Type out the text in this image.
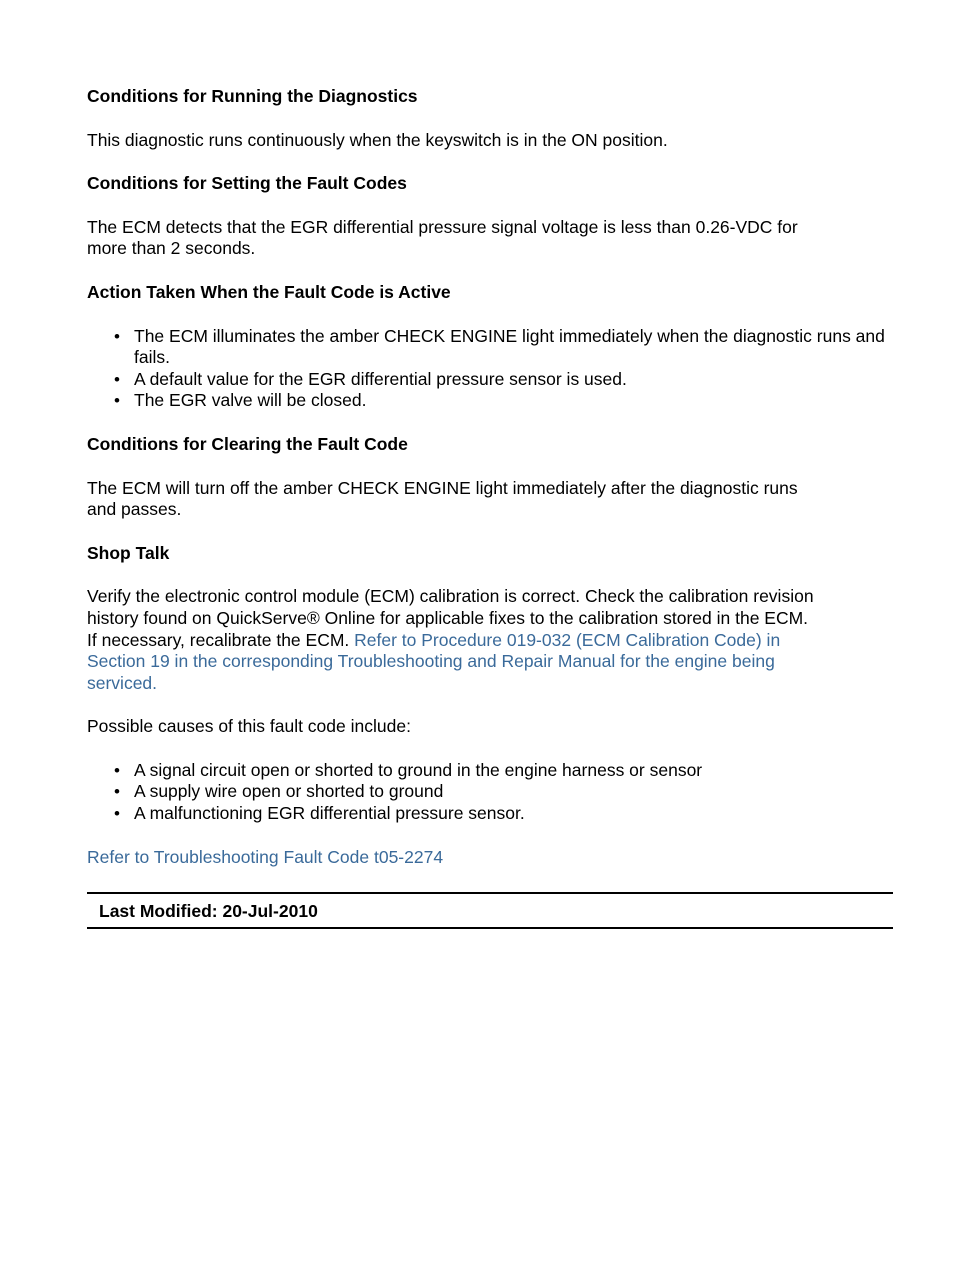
Conditions for Running the Diagnostics

This diagnostic runs continuously when the keyswitch is in the ON position.

Conditions for Setting the Fault Codes

The ECM detects that the EGR differential pressure signal voltage is less than 0.26-VDC for
more than 2 seconds.

Action Taken When the Fault Code is Active
• The ECM illuminates the amber CHECK ENGINE light immediately when the diagnostic runs and fails.
• A default value for the EGR differential pressure sensor is used.
• The EGR valve will be closed.
Conditions for Clearing the Fault Code

The ECM will turn off the amber CHECK ENGINE light immediately after the diagnostic runs
and passes.

Shop Talk

Verify the electronic control module (ECM) calibration is correct. Check the calibration revision
history found on QuickServe® Online for applicable fixes to the calibration stored in the ECM.
If necessary, recalibrate the ECM. Refer to Procedure 019-032 (ECM Calibration Code) in
Section 19 in the corresponding Troubleshooting and Repair Manual for the engine being
serviced.

Possible causes of this fault code include:

• A signal circuit open or shorted to ground in the engine harness or sensor
• A supply wire open or shorted to ground
• A malfunctioning EGR differential pressure sensor.

Refer to Troubleshooting Fault Code t05-2274

Last Modified: 20-Jul-2010
